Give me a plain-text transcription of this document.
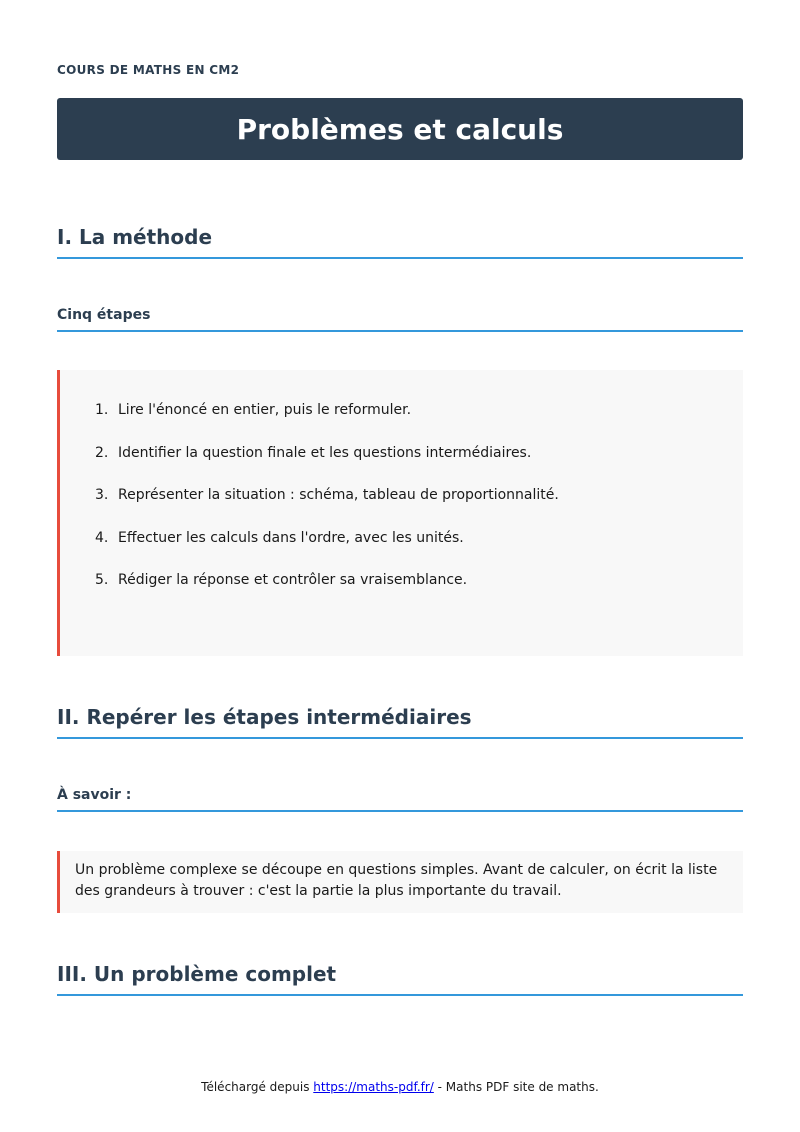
COURS DE MATHS EN CM2
Problèmes et calculs
I. La méthode
Cinq étapes
1. Lire l'énoncé en entier, puis le reformuler.
2. Identifier la question finale et les questions intermédiaires.
3. Représenter la situation : schéma, tableau de proportionnalité.
4. Effectuer les calculs dans l'ordre, avec les unités.
5. Rédiger la réponse et contrôler sa vraisemblance.
II. Repérer les étapes intermédiaires
À savoir :

Un problème complexe se découpe en questions simples. Avant de calculer, on écrit la liste des grandeurs à trouver : c'est la partie la plus importante du travail.

III. Un problème complet
Téléchargé depuis https://maths-pdf.fr/ - Maths PDF site de maths.
